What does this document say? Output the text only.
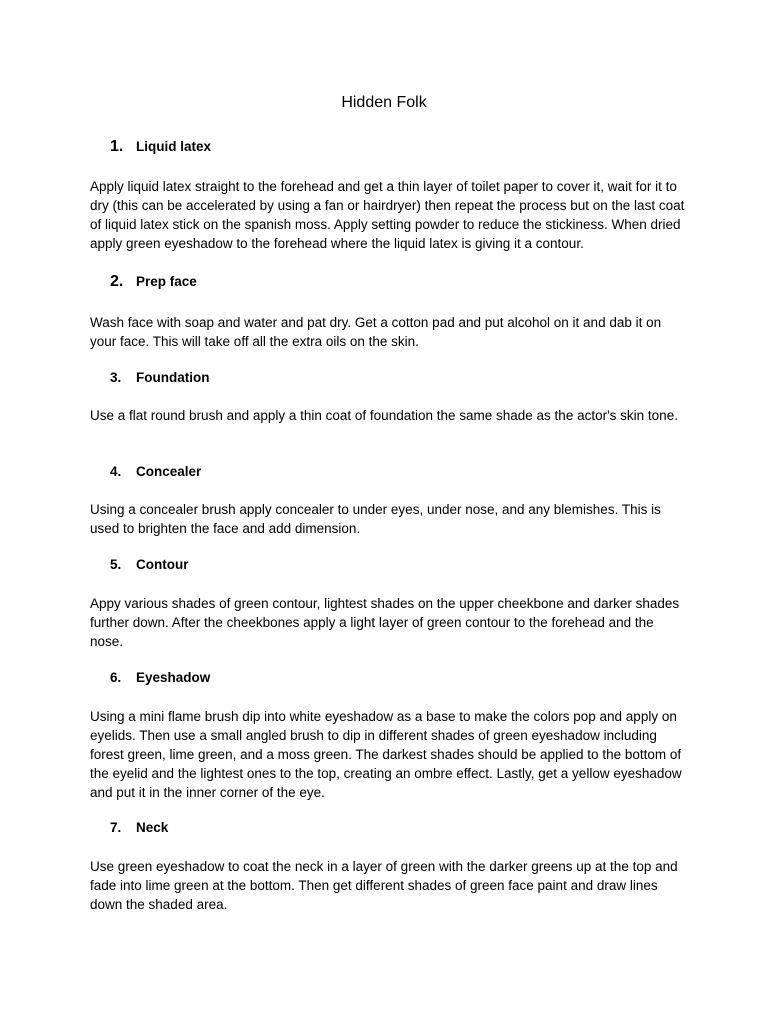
Hidden Folk
1. Liquid latex

Apply liquid latex straight to the forehead and get a thin layer of toilet paper to cover it, wait for it to dry (this can be accelerated by using a fan or hairdryer) then repeat the process but on the last coat of liquid latex stick on the spanish moss. Apply setting powder to reduce the stickiness. When dried apply green eyeshadow to the forehead where the liquid latex is giving it a contour.

2. Prep face

Wash face with soap and water and pat dry. Get a cotton pad and put alcohol on it and dab it on your face. This will take off all the extra oils on the skin.

3. Foundation

Use a flat round brush and apply a thin coat of foundation the same shade as the actor's skin tone.

4. Concealer

Using a concealer brush apply concealer to under eyes, under nose, and any blemishes. This is used to brighten the face and add dimension.

5. Contour

Appy various shades of green contour, lightest shades on the upper cheekbone and darker shades further down. After the cheekbones apply a light layer of green contour to the forehead and the nose.

6. Eyeshadow

Using a mini flame brush dip into white eyeshadow as a base to make the colors pop and apply on eyelids. Then use a small angled brush to dip in different shades of green eyeshadow including forest green, lime green, and a moss green. The darkest shades should be applied to the bottom of the eyelid and the lightest ones to the top, creating an ombre effect. Lastly, get a yellow eyeshadow and put it in the inner corner of the eye.

7. Neck

Use green eyeshadow to coat the neck in a layer of green with the darker greens up at the top and fade into lime green at the bottom. Then get different shades of green face paint and draw lines down the shaded area.
